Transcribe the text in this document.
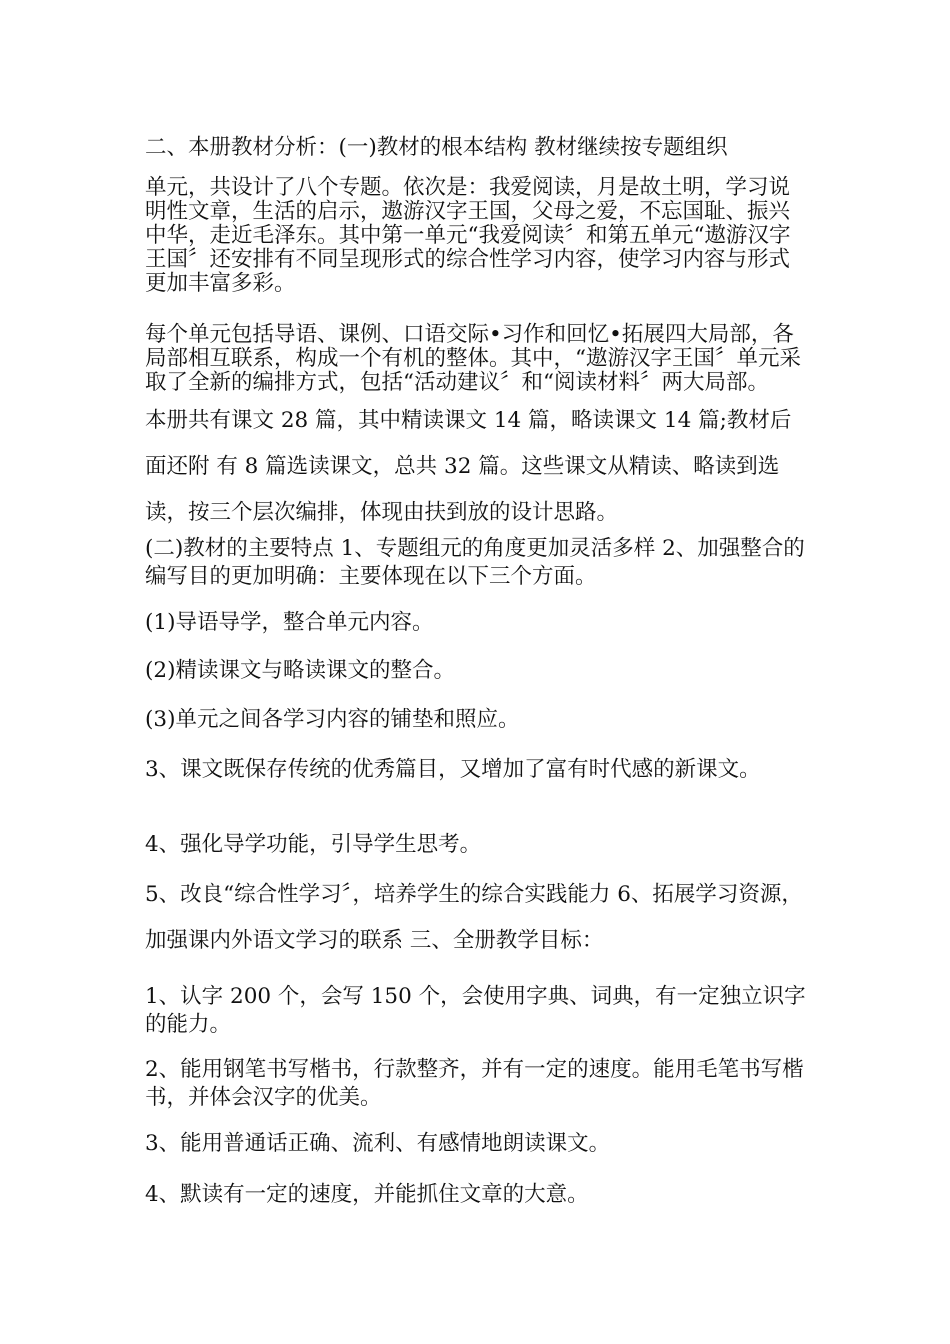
二、本册教材分析：(一)教材的根本结构 教材继续按专题组织

单元，共设计了八个专题。依次是：我爱阅读，月是故土明，学习说明性文章，生活的启示，遨游汉字王国，父母之爱，不忘国耻、振兴中华，走近毛泽东。其中第一单元“我爱阅读〞和第五单元“遨游汉字王国〞还安排有不同呈现形式的综合性学习内容，使学习内容与形式更加丰富多彩。

每个单元包括导语、课例、口语交际•习作和回忆•拓展四大局部，各局部相互联系，构成一个有机的整体。其中，“遨游汉字王国〞单元采取了全新的编排方式，包括“活动建议〞和“阅读材料〞两大局部。

本册共有课文 28 篇，其中精读课文 14 篇，略读课文 14 篇;教材后面还附 有 8 篇选读课文，总共 32 篇。这些课文从精读、略读到选读，按三个层次编排，体现由扶到放的设计思路。

(二)教材的主要特点 1、专题组元的角度更加灵活多样 2、加强整合的编写目的更加明确：主要体现在以下三个方面。

(1)导语导学，整合单元内容。

(2)精读课文与略读课文的整合。

(3)单元之间各学习内容的铺垫和照应。

3、课文既保存传统的优秀篇目，又增加了富有时代感的新课文。

4、强化导学功能，引导学生思考。

5、改良“综合性学习〞，培养学生的综合实践能力 6、拓展学习资源，加强课内外语文学习的联系 三、全册教学目标：

1、认字 200 个，会写 150 个，会使用字典、词典，有一定独立识字的能力。

2、能用钢笔书写楷书，行款整齐，并有一定的速度。能用毛笔书写楷书，并体会汉字的优美。

3、能用普通话正确、流利、有感情地朗读课文。

4、默读有一定的速度，并能抓住文章的大意。
